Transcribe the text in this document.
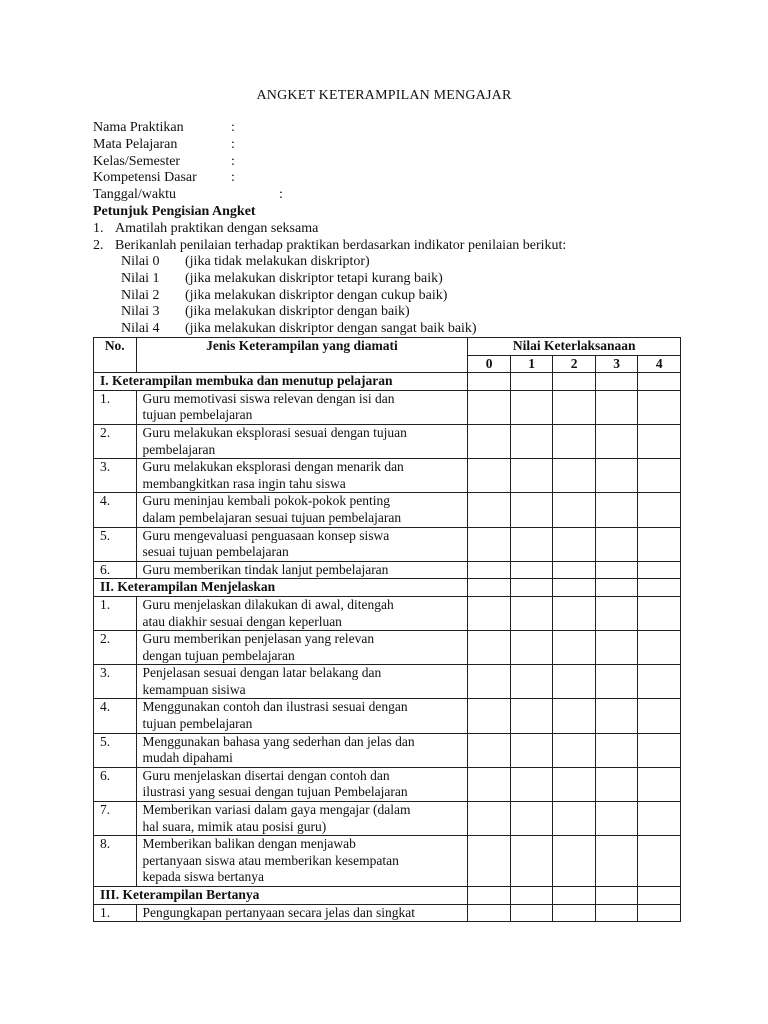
ANGKET KETERAMPILAN MENGAJAR
Nama Praktikan	:
Mata Pelajaran	:
Kelas/Semester	:
Kompetensi Dasar :
Tanggal/waktu	:
Petunjuk Pengisian Angket
1. Amatilah praktikan dengan seksama
2. Berikanlah penilaian terhadap praktikan berdasarkan indikator penilaian berikut:
Nilai 0 (jika tidak melakukan diskriptor)
Nilai 1 (jika melakukan diskriptor tetapi kurang baik)
Nilai 2 (jika melakukan diskriptor dengan cukup baik)
Nilai 3 (jika melakukan diskriptor dengan baik)
Nilai 4 (jika melakukan diskriptor dengan sangat baik baik)
No.	Jenis Keterampilan yang diamati	Nilai Keterlaksanaan				
		0	1	2	3	4
I. Keterampilan membuka dan menutup pelajaran						
1.	Guru memotivasi siswa relevan dengan isi dan
tujuan pembelajaran					

2.	Guru melakukan eksplorasi sesuai dengan tujuan
pembelajaran					

3.	Guru melakukan eksplorasi dengan menarik dan
membangkitkan rasa ingin tahu siswa					

4.	Guru meninjau kembali pokok-pokok penting
dalam pembelajaran sesuai tujuan pembelajaran					

5.	Guru mengevaluasi penguasaan konsep siswa
sesuai tujuan pembelajaran					

6.	Guru memberikan tindak lanjut pembelajaran					

II. Keterampilan Menjelaskan						
1.	Guru menjelaskan dilakukan di awal, ditengah
atau diakhir sesuai dengan keperluan					

2.	Guru memberikan penjelasan yang relevan
dengan tujuan pembelajaran					

3.	Penjelasan sesuai dengan latar belakang dan
kemampuan sisiwa					

4.	Menggunakan contoh dan ilustrasi sesuai dengan
tujuan pembelajaran					

5.	Menggunakan bahasa yang sederhan dan jelas dan
mudah dipahami					

6.	Guru menjelaskan disertai dengan contoh dan
ilustrasi yang sesuai dengan tujuan Pembelajaran					

7.	Memberikan variasi dalam gaya mengajar (dalam
hal suara, mimik atau posisi guru)					

8.	Memberikan balikan dengan menjawab
pertanyaan siswa atau memberikan kesempatan
kepada siswa bertanya					

III. Keterampilan Bertanya						
1.	Pengungkapan pertanyaan secara jelas dan singkat					
